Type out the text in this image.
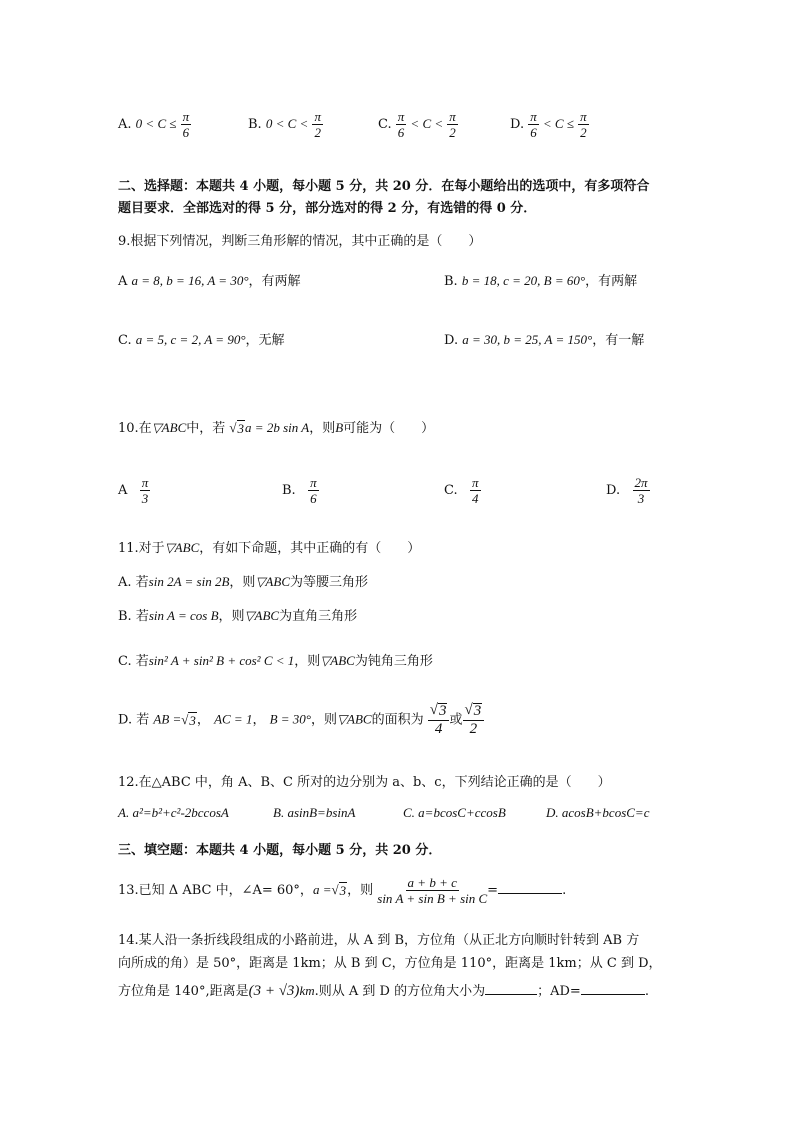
A. $0 < C \le \frac{\pi}{6}$	B. $0 < C < \frac{\pi}{2}$	C. $\frac{\pi}{6} < C < \frac{\pi}{2}$	D. $\frac{\pi}{6} < C \le \frac{\pi}{2}$
二、选择题：本题共 4 小题，每小题 5 分，共 20 分．在每小题给出的选项中，有多项符合
题目要求．全部选对的得 5 分，部分选对的得 2 分，有选错的得 0 分．
9.根据下列情况，判断三角形解的情况，其中正确的是（　　）
A a = 8, b = 16, A = 30°，有两解	B. b = 18, c = 20, B = 60°，有两解
C. a = 5, c = 2, A = 90°，无解	D. a = 30, b = 25, A = 150°，有一解
10.在▽ABC中，若 √ 3 a = 2b sin A，则B可能为（　　）
A $\frac{\pi}{3}$	B. $\frac{\pi}{6}$	C. $\frac{\pi}{4}$	D. $\frac{2\pi}{3}$
11.对于▽ABC，有如下命题，其中正确的有（　　）
A. 若sin 2A = sin 2B，则▽ABC为等腰三角形
B. 若sin A = cos B，则▽ABC为直角三角形
C. 若sin² A + sin² B + cos² C < 1，则▽ABC为钝角三角形
D. 若 AB =√ 3 ， AC = 1， B = 30°，则▽ABC的面积为 $\frac{√ 3}{4}$ 或 $\frac{√ 3}{2}$
12.在△ABC 中，角 A、B、C 所对的边分别为 a、b、c，下列结论正确的是（　　）
A. a²=b²+c²-2bccosA	B. asinB=bsinA	C. a=bcosC+ccosB	D. acosB+bcosC=c
三、填空题：本题共 4 小题，每小题 5 分，共 20 分．
13.已知 Δ ABC 中，∠A= 60°，a =√ 3 ，则 $\frac{a + b + c}{\text{sin A + sin B + sin C}}$ =	.
14.某人沿一条折线段组成的小路前进，从 A 到 B，方位角（从正北方向顺时针转到 AB 方
向所成的角）是 50°，距离是 1km；从 B 到 C，方位角是 110°，距离是 1km；从 C 到 D，
方位角是 140°,距离是(3 + √3)km.则从 A 到 D 的方位角大小为	；AD=	.
